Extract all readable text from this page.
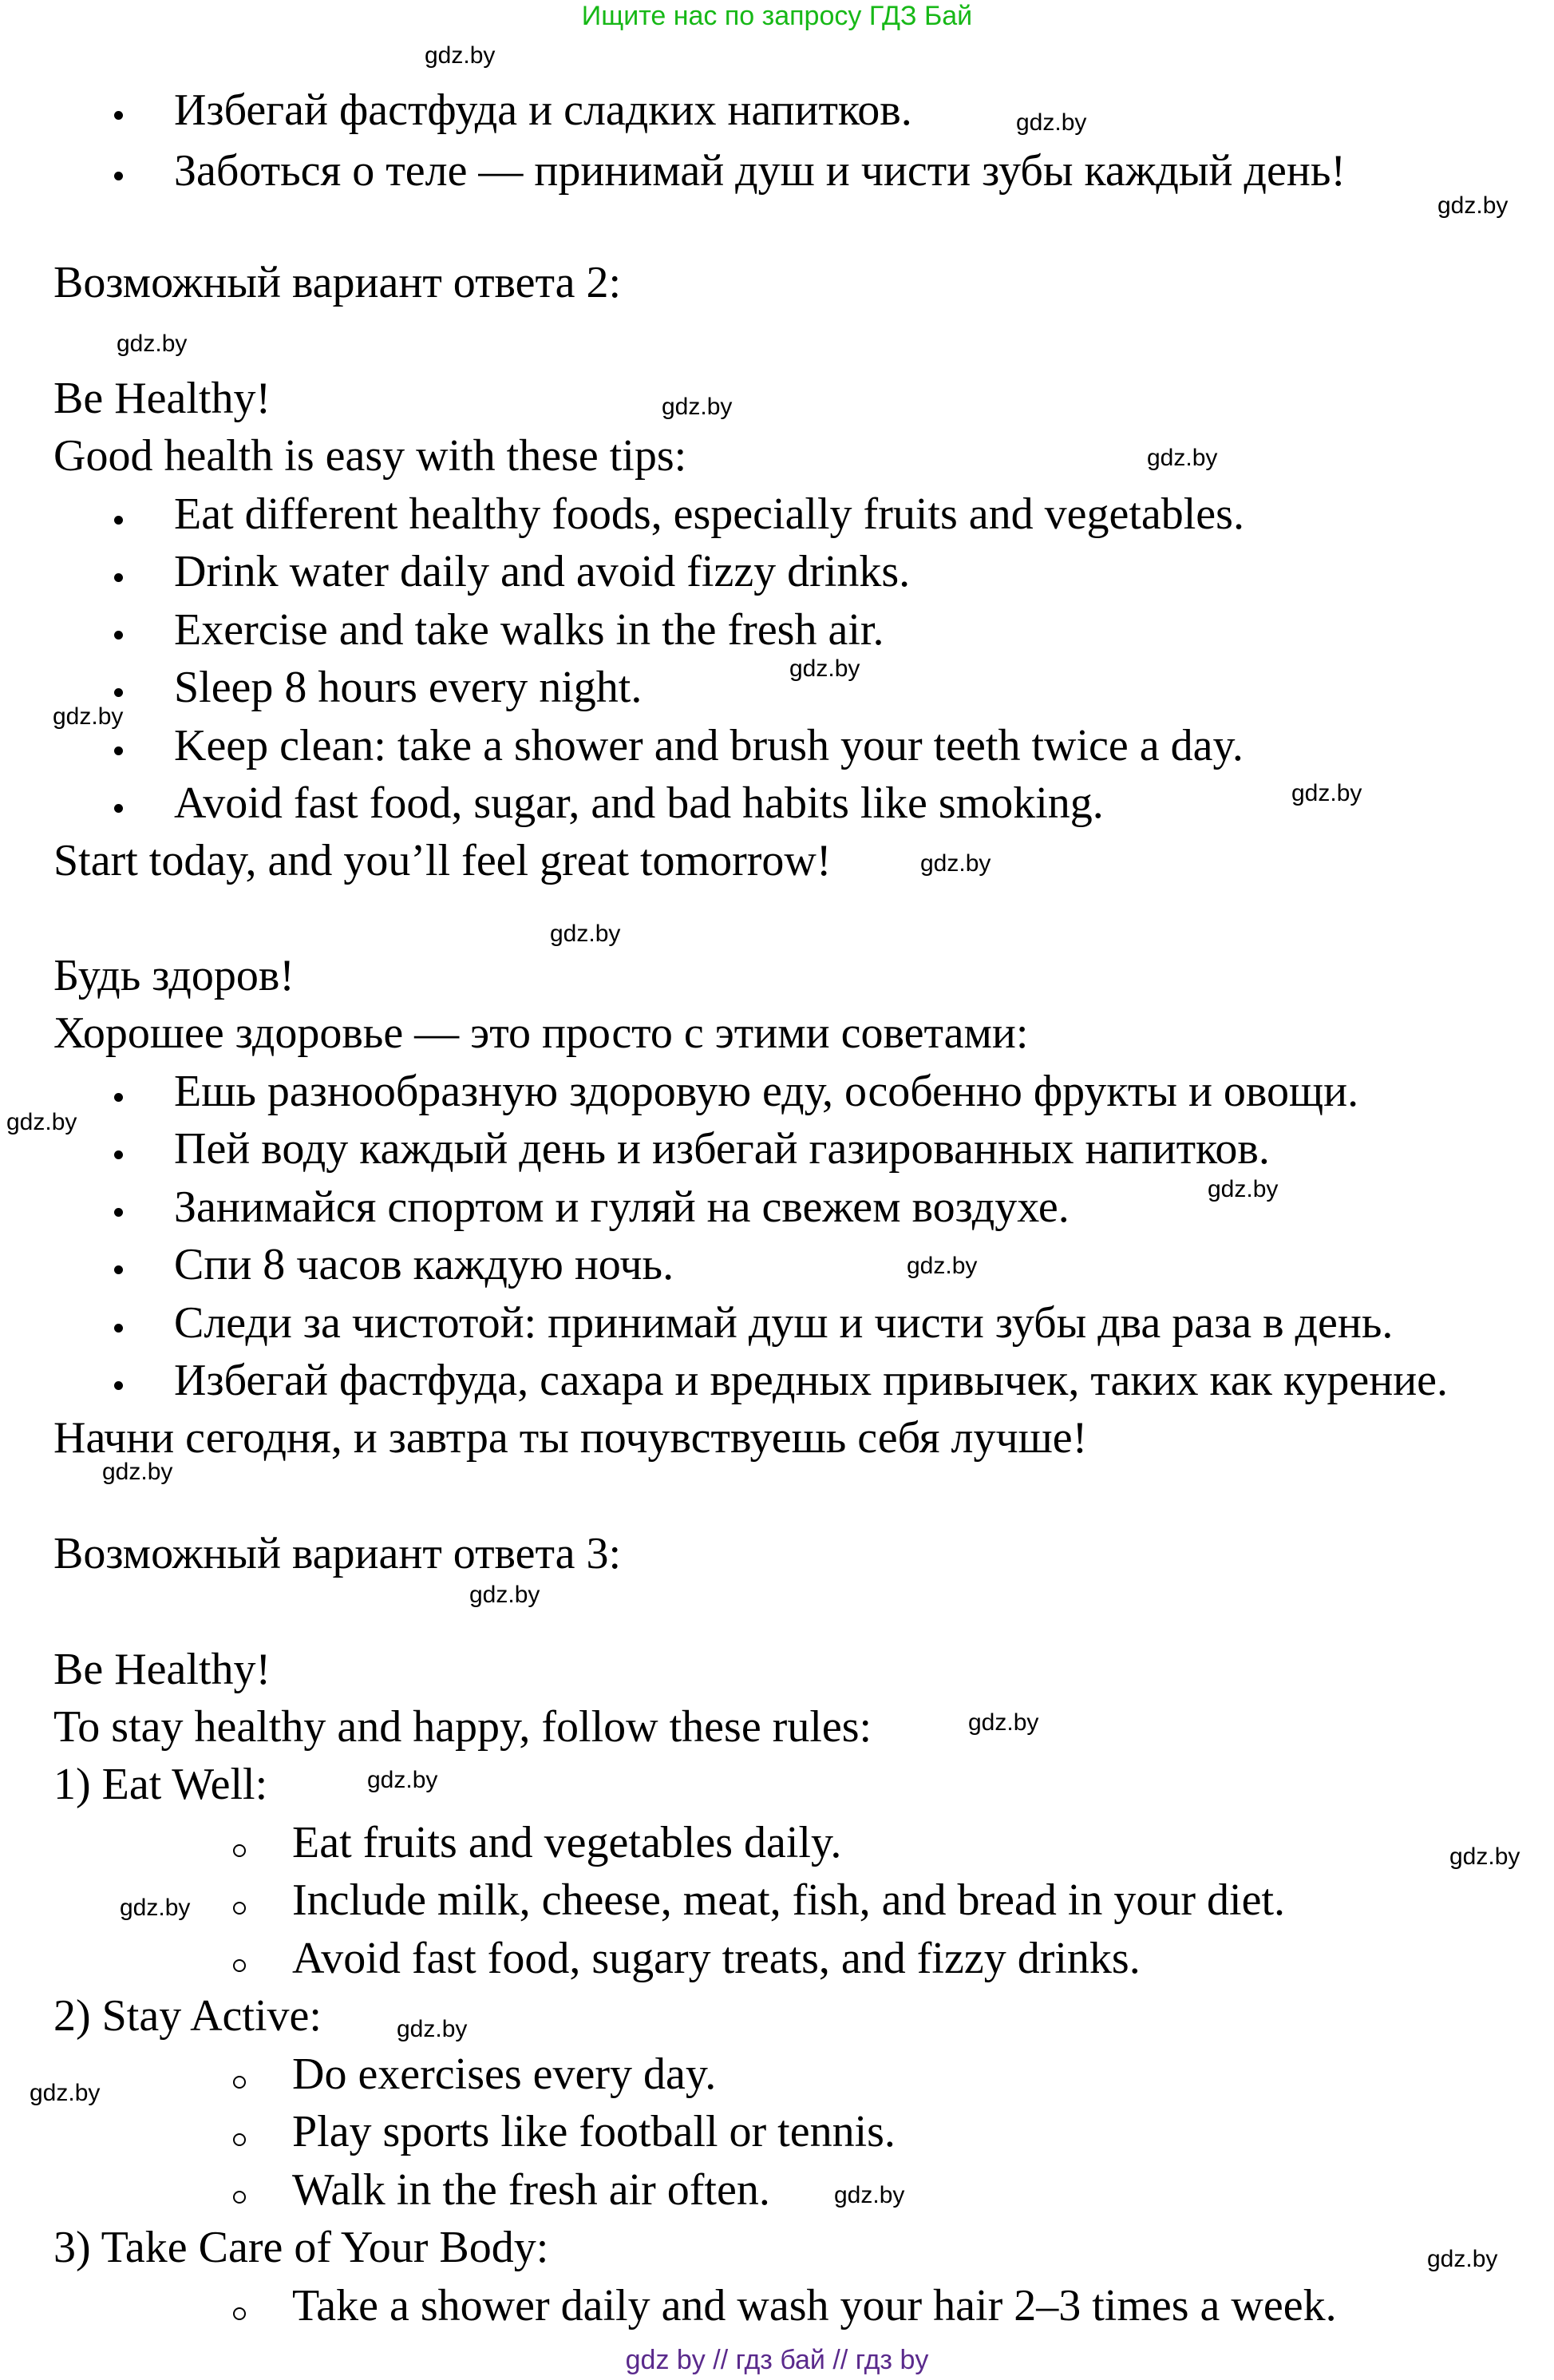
Ищите нас по запросу ГДЗ Бай
Избегай фастфуда и сладких напитков.
Заботься о теле — принимай душ и чисти зубы каждый день!
Возможный вариант ответа 2:
Be Healthy!
Good health is easy with these tips:
Eat different healthy foods, especially fruits and vegetables.
Drink water daily and avoid fizzy drinks.
Exercise and take walks in the fresh air.
Sleep 8 hours every night.
Keep clean: take a shower and brush your teeth twice a day.
Avoid fast food, sugar, and bad habits like smoking.
Start today, and you’ll feel great tomorrow!
Будь здоров!
Хорошее здоровье — это просто с этими советами:
Ешь разнообразную здоровую еду, особенно фрукты и овощи.
Пей воду каждый день и избегай газированных напитков.
Занимайся спортом и гуляй на свежем воздухе.
Спи 8 часов каждую ночь.
Следи за чистотой: принимай душ и чисти зубы два раза в день.
Избегай фастфуда, сахара и вредных привычек, таких как курение.
Начни сегодня, и завтра ты почувствуешь себя лучше!
Возможный вариант ответа 3:
Be Healthy!
To stay healthy and happy, follow these rules:
1) Eat Well:
Eat fruits and vegetables daily.
Include milk, cheese, meat, fish, and bread in your diet.
Avoid fast food, sugary treats, and fizzy drinks.
2) Stay Active:
Do exercises every day.
Play sports like football or tennis.
Walk in the fresh air often.
3) Take Care of Your Body:
Take a shower daily and wash your hair 2–3 times a week.
gdz.by
gdz.by
gdz.by
gdz.by
gdz.by
gdz.by
gdz.by
gdz.by
gdz.by
gdz.by
gdz.by
gdz.by
gdz.by
gdz.by
gdz.by
gdz.by
gdz.by
gdz.by
gdz.by
gdz.by
gdz.by
gdz.by
gdz.by
gdz.by
gdz by // гдз бай // гдз by
